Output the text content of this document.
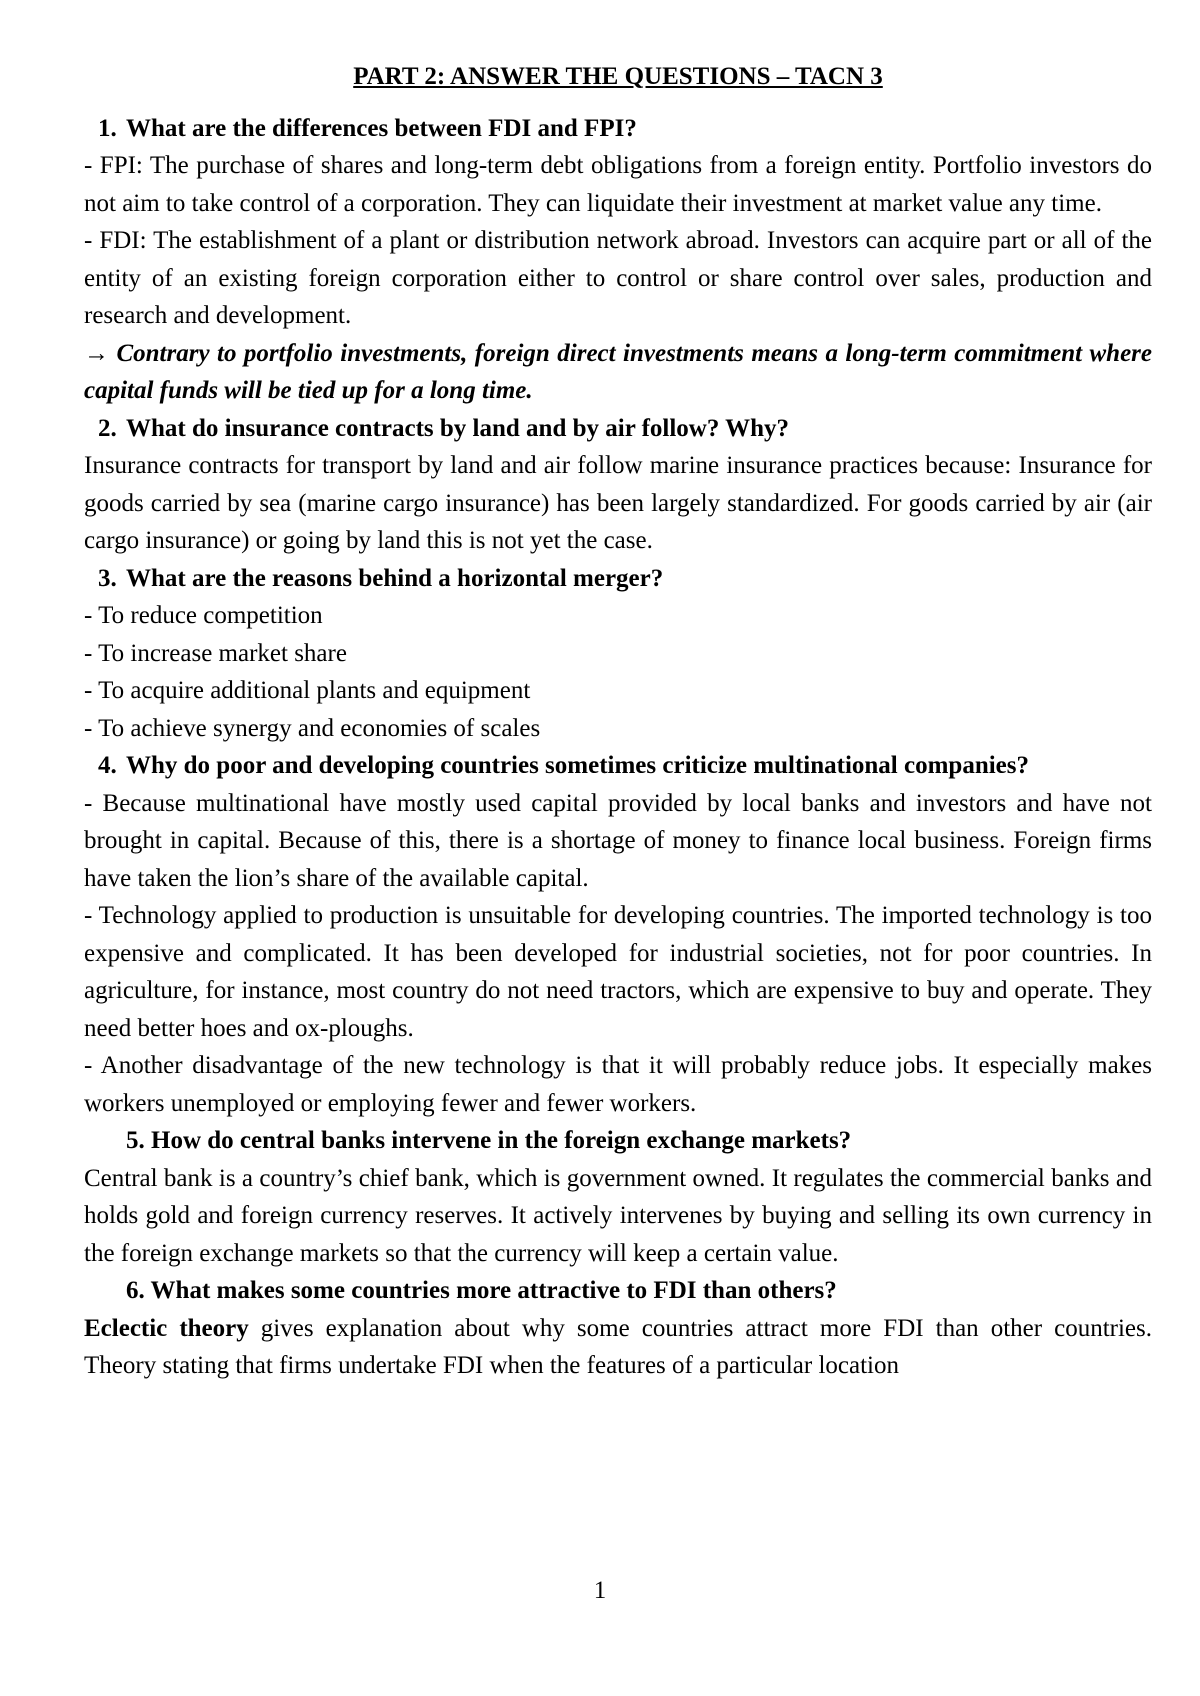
PART 2: ANSWER THE QUESTIONS – TACN 3
1. What are the differences between FDI and FPI?

- FPI: The purchase of shares and long-term debt obligations from a foreign entity. Portfolio investors do not aim to take control of a corporation. They can liquidate their investment at market value any time.

- FDI: The establishment of a plant or distribution network abroad. Investors can acquire part or all of the entity of an existing foreign corporation either to control or share control over sales, production and research and development.

→ Contrary to portfolio investments, foreign direct investments means a long-term commitment where capital funds will be tied up for a long time.

2. What do insurance contracts by land and by air follow? Why?

Insurance contracts for transport by land and air follow marine insurance practices because: Insurance for goods carried by sea (marine cargo insurance) has been largely standardized. For goods carried by air (air cargo insurance) or going by land this is not yet the case.

3. What are the reasons behind a horizontal merger?

- To reduce competition

- To increase market share

- To acquire additional plants and equipment

- To achieve synergy and economies of scales

4. Why do poor and developing countries sometimes criticize multinational companies?

- Because multinational have mostly used capital provided by local banks and investors and have not brought in capital. Because of this, there is a shortage of money to finance local business. Foreign firms have taken the lion’s share of the available capital.

- Technology applied to production is unsuitable for developing countries. The imported technology is too expensive and complicated. It has been developed for industrial societies, not for poor countries. In agriculture, for instance, most country do not need tractors, which are expensive to buy and operate. They need better hoes and ox-ploughs.

- Another disadvantage of the new technology is that it will probably reduce jobs. It especially makes workers unemployed or employing fewer and fewer workers.

5. How do central banks intervene in the foreign exchange markets?

Central bank is a country’s chief bank, which is government owned. It regulates the commercial banks and holds gold and foreign currency reserves. It actively intervenes by buying and selling its own currency in the foreign exchange markets so that the currency will keep a certain value.

6. What makes some countries more attractive to FDI than others?

Eclectic theory gives explanation about why some countries attract more FDI than other countries. Theory stating that firms undertake FDI when the features of a particular location

1
